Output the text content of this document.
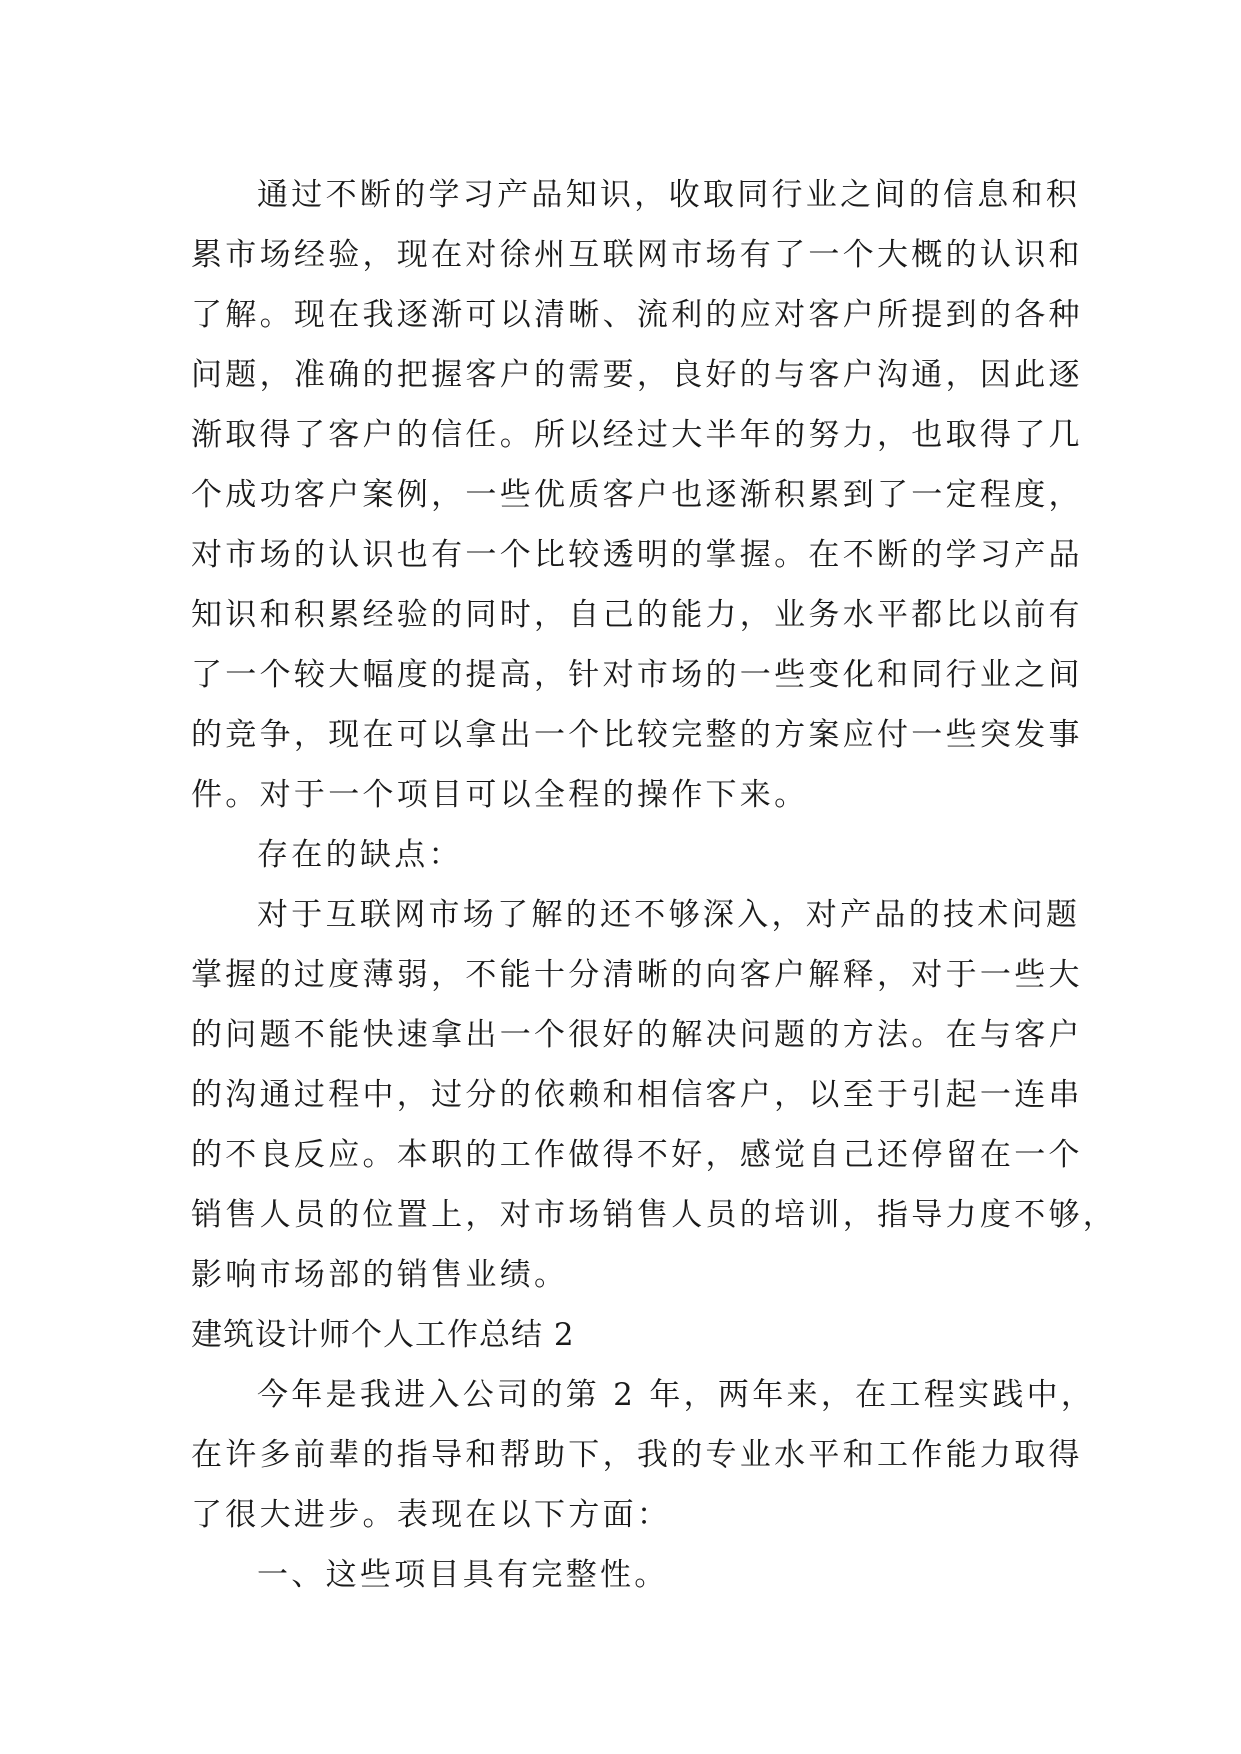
通过不断的学习产品知识，收取同行业之间的信息和积
累市场经验，现在对徐州互联网市场有了一个大概的认识和
了解。现在我逐渐可以清晰、流利的应对客户所提到的各种
问题，准确的把握客户的需要，良好的与客户沟通，因此逐
渐取得了客户的信任。所以经过大半年的努力，也取得了几
个成功客户案例，一些优质客户也逐渐积累到了一定程度，
对市场的认识也有一个比较透明的掌握。在不断的学习产品
知识和积累经验的同时，自己的能力，业务水平都比以前有
了一个较大幅度的提高，针对市场的一些变化和同行业之间
的竞争，现在可以拿出一个比较完整的方案应付一些突发事
件。对于一个项目可以全程的操作下来。
存在的缺点：
对于互联网市场了解的还不够深入，对产品的技术问题
掌握的过度薄弱，不能十分清晰的向客户解释，对于一些大
的问题不能快速拿出一个很好的解决问题的方法。在与客户
的沟通过程中，过分的依赖和相信客户，以至于引起一连串
的不良反应。本职的工作做得不好，感觉自己还停留在一个
销售人员的位置上，对市场销售人员的培训，指导力度不够，
影响市场部的销售业绩。
建筑设计师个人工作总结 2
今年是我进入公司的第 2 年，两年来，在工程实践中，
在许多前辈的指导和帮助下，我的专业水平和工作能力取得
了很大进步。表现在以下方面：
一、这些项目具有完整性。
